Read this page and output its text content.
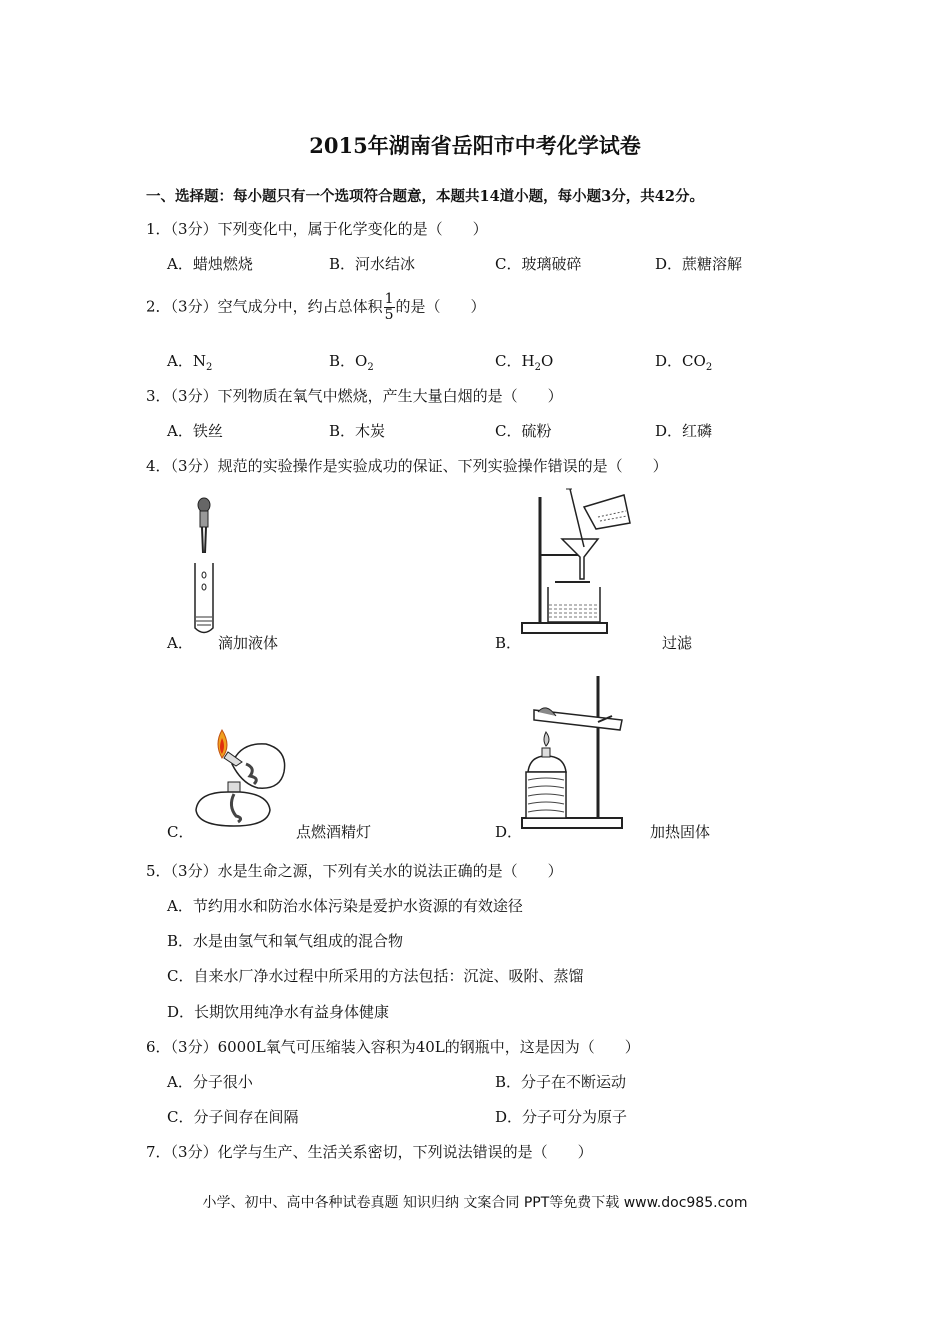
2015年湖南省岳阳市中考化学试卷
一、选择题：每小题只有一个选项符合题意，本题共14道小题，每小题3分，共42分。
1．（3分）下列变化中，属于化学变化的是（　　）
A．蜡烛燃烧	B．河水结冰	C．玻璃破碎	D．蔗糖溶解
2．（3分）空气成分中，约占总体积 $\frac{1}{5}$ 的是（　　）
A．$N_2$	B．$O_2$	C．$H_2O$	D．$CO_2$
3．（3分）下列物质在氧气中燃烧，产生大量白烟的是（　　）
A．铁丝	B．木炭	C．硫粉	D．红磷
4．（3分）规范的实验操作是实验成功的保证、下列实验操作错误的是（　　）
A． 滴加液体	B．	过滤
C．	点燃酒精灯	D．	加热固体
5．（3分）水是生命之源，下列有关水的说法正确的是（　　）
A．节约用水和防治水体污染是爱护水资源的有效途径
B．水是由氢气和氧气组成的混合物
C．自来水厂净水过程中所采用的方法包括：沉淀、吸附、蒸馏
D．长期饮用纯净水有益身体健康
6．（3分）6000L氧气可压缩装入容积为40L的钢瓶中，这是因为（　　）
A．分子很小	B．分子在不断运动
C．分子间存在间隔	D．分子可分为原子
7．（3分）化学与生产、生活关系密切，下列说法错误的是（　　）
小学、初中、高中各种试卷真题 知识归纳 文案合同 PPT等免费下载 www.doc985.com
